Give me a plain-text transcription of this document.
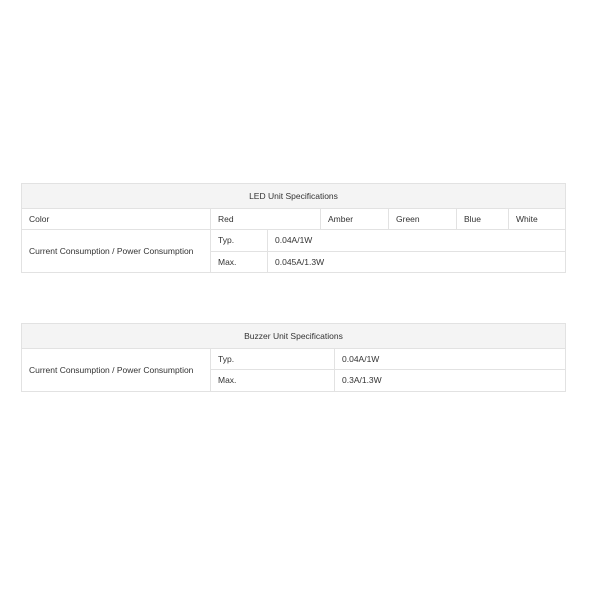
LED Unit Specifications						
Color	Red		Amber	Green	Blue	White
Current Consumption / Power Consumption	Typ.	0.04A/1W				
	Max.	0.045A/1.3W				
Buzzer Unit Specifications		
Current Consumption / Power Consumption	Typ.	0.04A/1W
	Max.	0.3A/1.3W
